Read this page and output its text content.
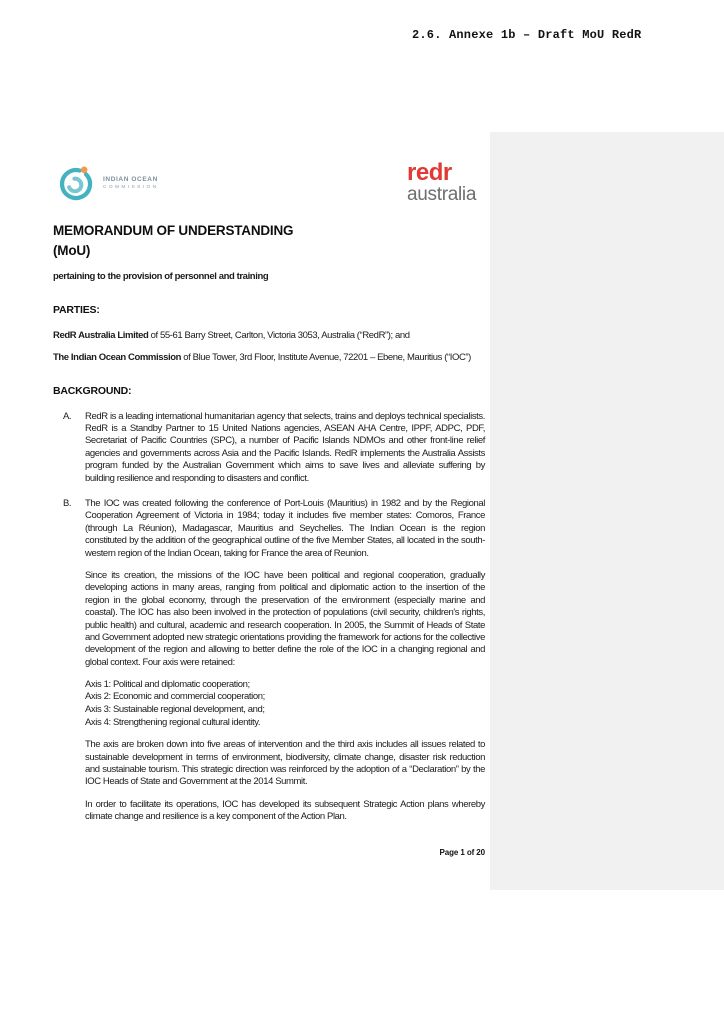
2.6. Annexe 1b – Draft MoU RedR
INDIAN OCEAN
COMMISSION
redr
australia
MEMORANDUM OF UNDERSTANDING
(MoU)
pertaining to the provision of personnel and training
PARTIES:

RedR Australia Limited of 55-61 Barry Street, Carlton, Victoria 3053, Australia (“RedR”); and

The Indian Ocean Commission of Blue Tower, 3rd Floor, Institute Avenue, 72201 – Ebene, Mauritius (“IOC”)

BACKGROUND:
A. RedR is a leading international humanitarian agency that selects, trains and deploys technical specialists. RedR is a Standby Partner to 15 United Nations agencies, ASEAN AHA Centre, IPPF, ADPC, PDF, Secretariat of Pacific Countries (SPC), a number of Pacific Islands NDMOs and other front-line relief agencies and governments across Asia and the Pacific Islands. RedR implements the Australia Assists program funded by the Australian Government which aims to save lives and alleviate suffering by building resilience and responding to disasters and conflict.
B. The IOC was created following the conference of Port-Louis (Mauritius) in 1982 and by the Regional Cooperation Agreement of Victoria in 1984; today it includes five member states: Comoros, France (through La Réunion), Madagascar, Mauritius and Seychelles. The Indian Ocean is the region constituted by the addition of the geographical outline of the five Member States, all located in the south-western region of the Indian Ocean, taking for France the area of Reunion.

Since its creation, the missions of the IOC have been political and regional cooperation, gradually developing actions in many areas, ranging from political and diplomatic action to the insertion of the region in the global economy, through the preservation of the environment (especially marine and coastal). The IOC has also been involved in the protection of populations (civil security, children's rights, public health) and cultural, academic and research cooperation. In 2005, the Summit of Heads of State and Government adopted new strategic orientations providing the framework for actions for the collective development of the region and allowing to better define the role of the IOC in a changing regional and global context. Four axis were retained:

Axis 1: Political and diplomatic cooperation;
Axis 2: Economic and commercial cooperation;
Axis 3: Sustainable regional development, and;
Axis 4: Strengthening regional cultural identity.

The axis are broken down into five areas of intervention and the third axis includes all issues related to sustainable development in terms of environment, biodiversity, climate change, disaster risk reduction and sustainable tourism. This strategic direction was reinforced by the adoption of a “Declaration” by the IOC Heads of State and Government at the 2014 Summit.

In order to facilitate its operations, IOC has developed its subsequent Strategic Action plans whereby climate change and resilience is a key component of the Action Plan.

Page 1 of 20
